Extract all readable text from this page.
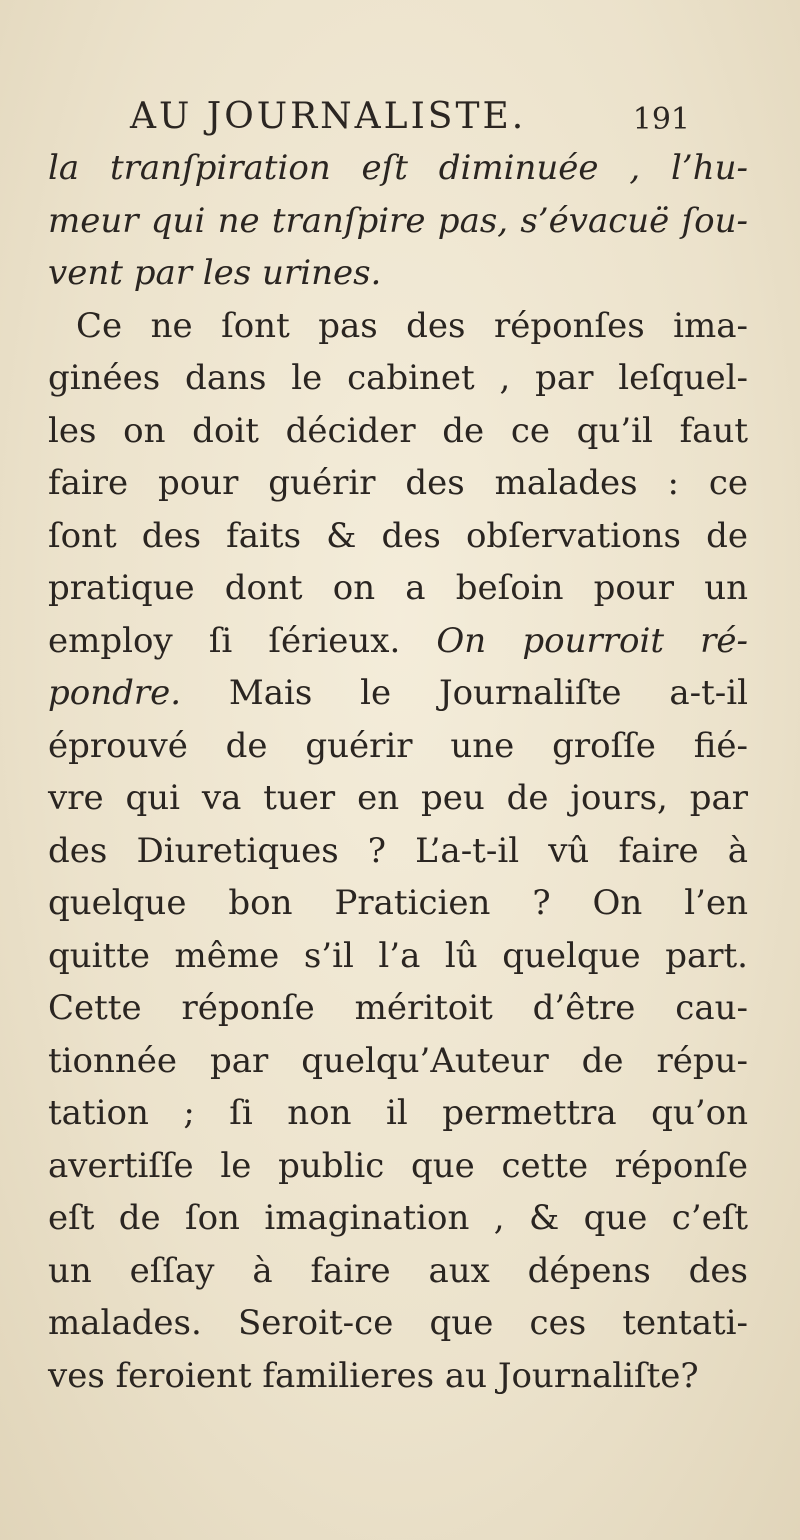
AU JOURNALISTE.	191
la tranſpiration eſt diminuée , l’hu-
meur qui ne tranſpire pas, s’évacuë ſou-
vent par les urines.
Ce ne ſont pas des réponſes ima-
ginées dans le cabinet , par leſquel-
les on doit décider de ce qu’il faut
faire pour guérir des malades : ce
ſont des faits & des obſervations de
pratique dont on a beſoin pour un
employ ſi ſérieux. On pourroit ré-
pondre. Mais le Journaliſte a-t-il
éprouvé de guérir une groſſe fié-
vre qui va tuer en peu de jours, par
des Diuretiques ? L’a-t-il vû faire à
quelque bon Praticien ? On l’en
quitte même s’il l’a lû quelque part.
Cette réponſe méritoit d’être cau-
tionnée par quelqu’Auteur de répu-
tation ; ſi non il permettra qu’on
avertiſſe le public que cette réponſe
eſt de ſon imagination , & que c’eſt
un eſſay à faire aux dépens des
malades. Seroit-ce que ces tentati-
ves feroient familieres au Journaliſte?
